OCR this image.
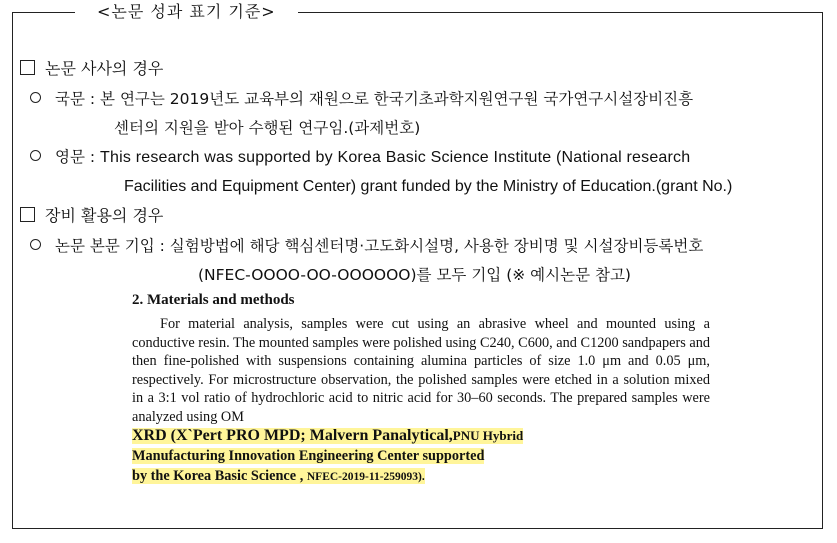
<논문 성과 표기 기준>
논문 사사의 경우
국문 : 본 연구는 2019년도 교육부의 재원으로 한국기초과학지원연구원 국가연구시설장비진흥
센터의 지원을 받아 수행된 연구임.(과제번호)
영문 : This research was supported by Korea Basic Science Institute (National research
Facilities and Equipment Center) grant funded by the Ministry of Education.(grant No.)
장비 활용의 경우
논문 본문 기입 : 실험방법에 해당 핵심센터명·고도화시설명, 사용한 장비명 및 시설장비등록번호
(NFEC-OOOO-OO-OOOOOO)를 모두 기입 (※ 예시논문 참고)
2. Materials and methods

For material analysis, samples were cut using an abrasive wheel and mounted using a conductive resin. The mounted samples were polished using C240, C600, and C1200 sandpapers and then fine-polished with suspensions containing alumina particles of size 1.0 μm and 0.05 μm, respectively. For microstructure observation, the polished samples were etched in a solution mixed in a 3:1 vol ratio of hydrochloric acid to nitric acid for 30–60 seconds. The prepared samples were analyzed using OM

XRD (X`Pert PRO MPD; Malvern Panalytical,PNU Hybrid
Manufacturing Innovation Engineering Center supported
by the Korea Basic Science , NFEC-2019-11-259093).
